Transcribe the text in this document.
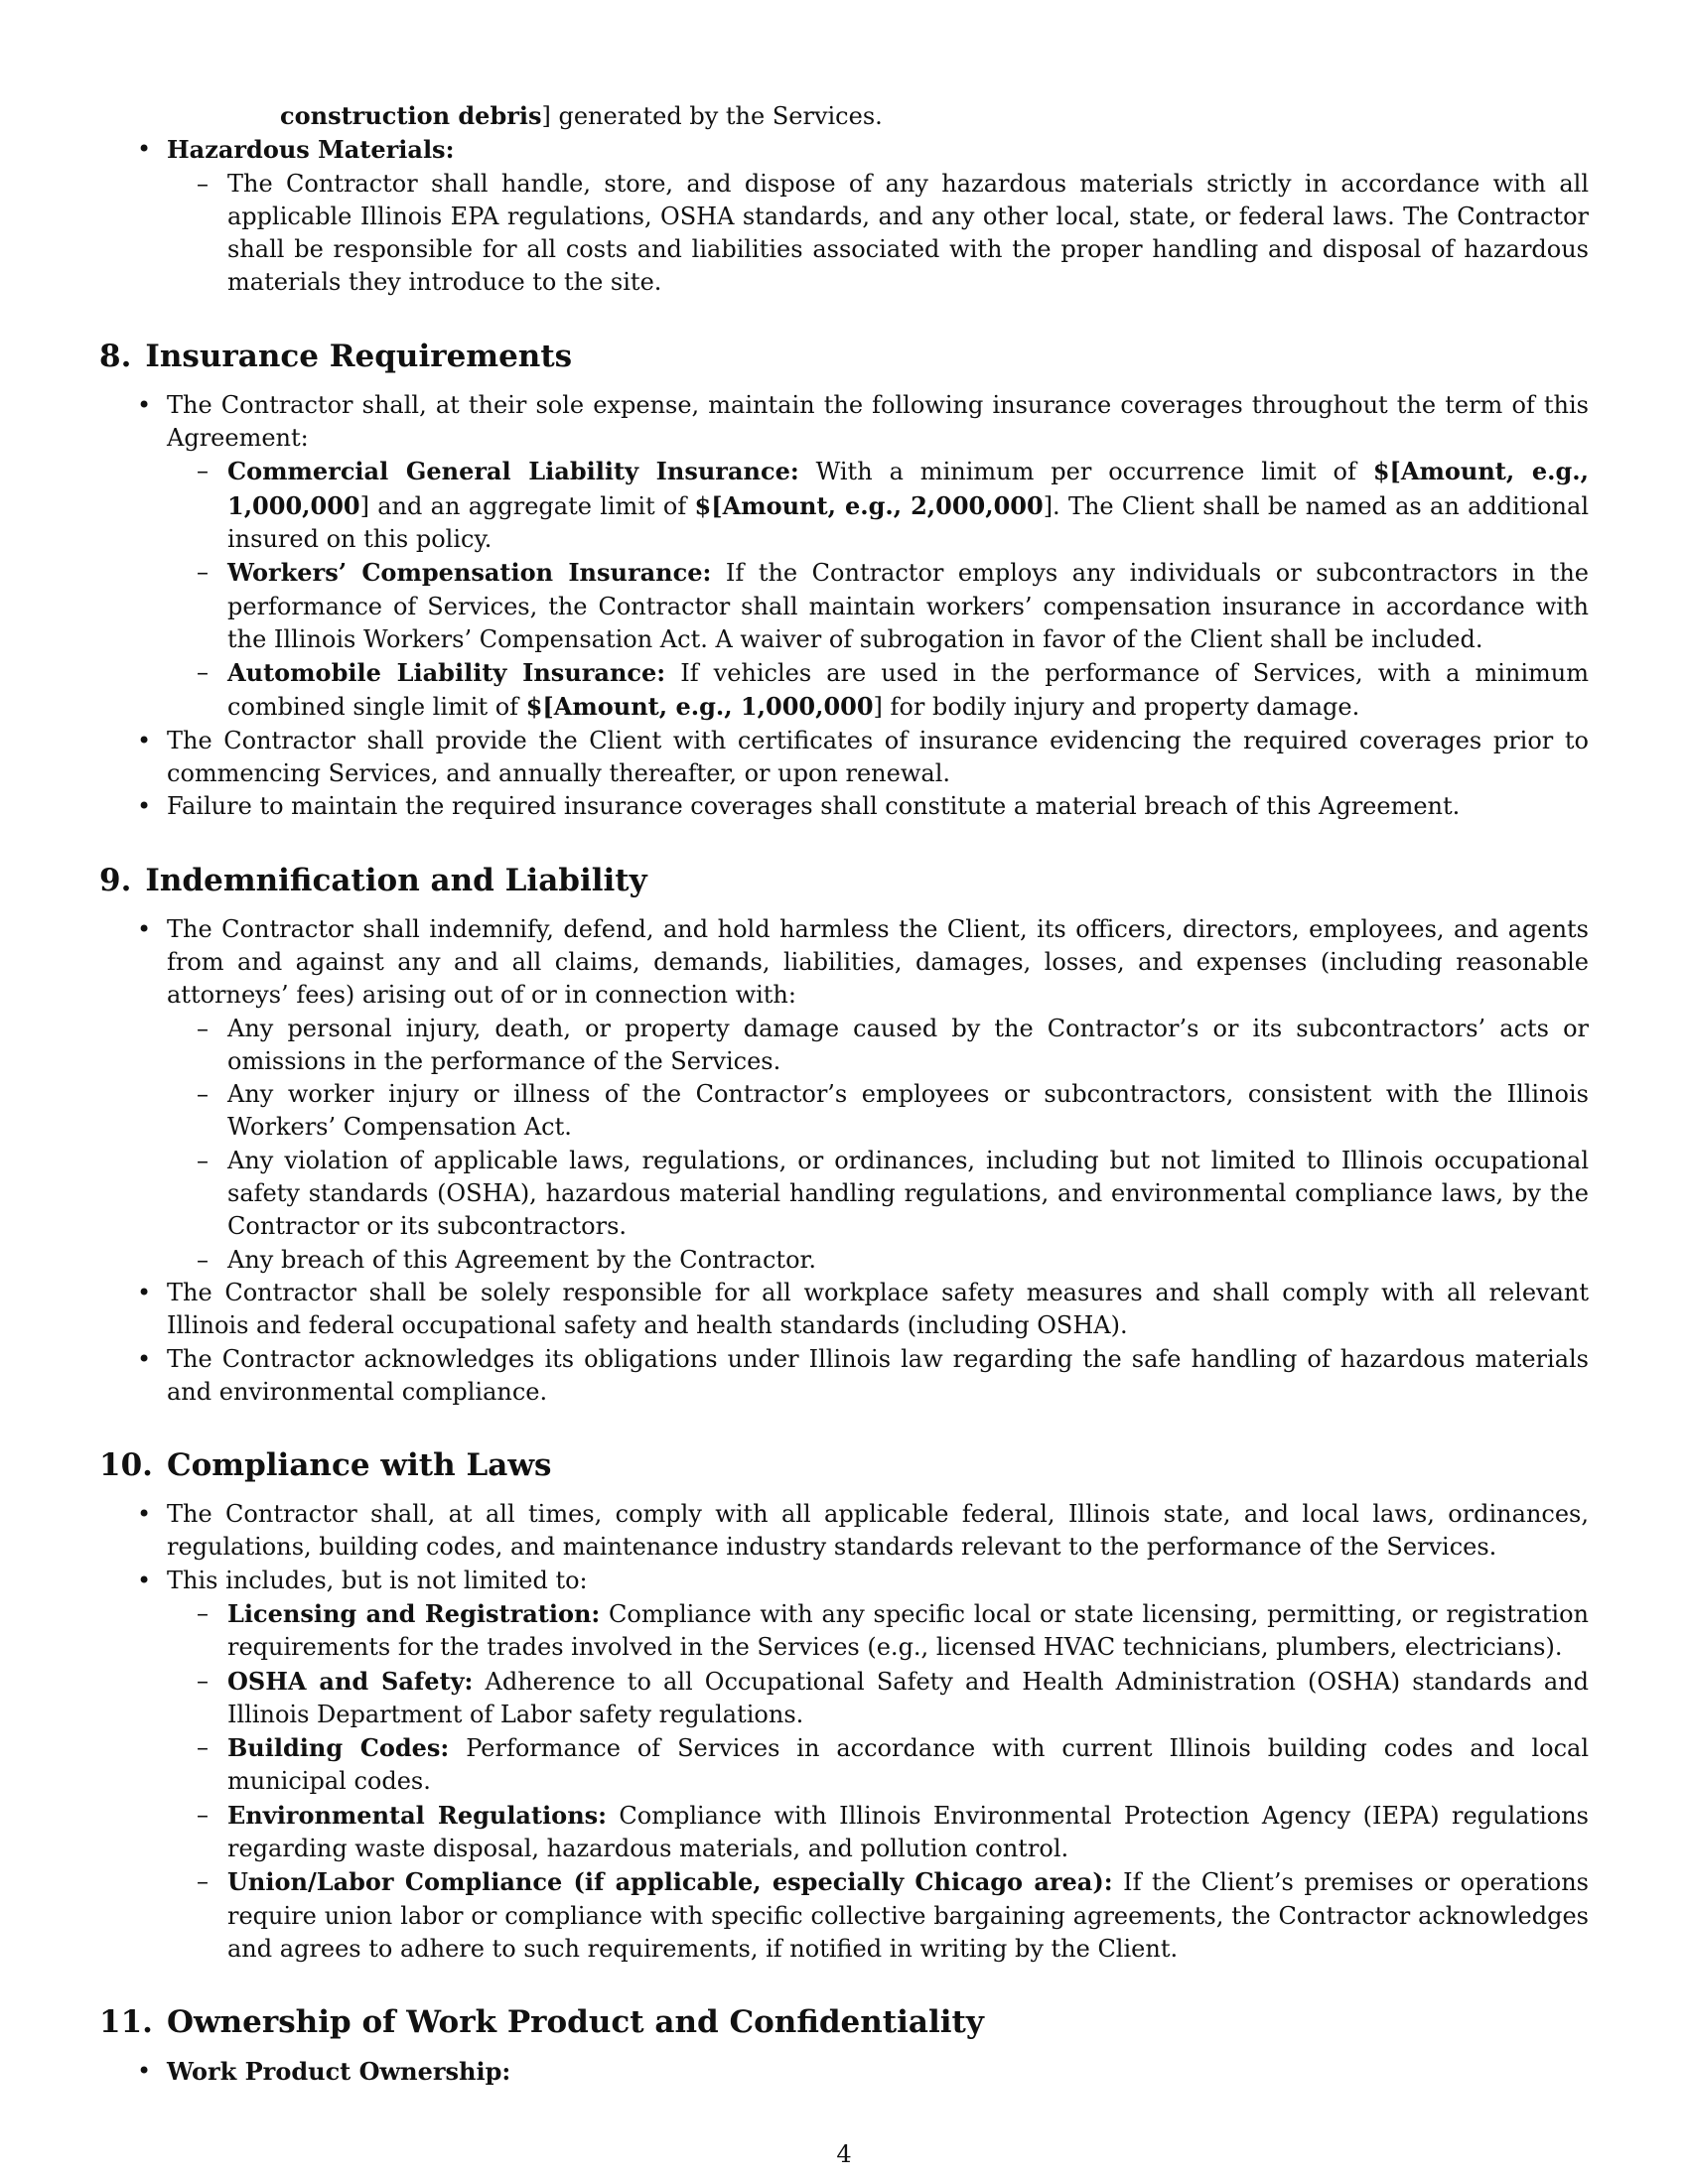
construction debris] generated by the Services.

• Hazardous Materials:
– The Contractor shall handle, store, and dispose of any hazardous materials strictly in accordance with all applicable Illinois EPA regulations, OSHA standards, and any other local, state, or federal laws. The Contractor shall be responsible for all costs and liabilities associated with the proper handling and disposal of hazardous materials they introduce to the site.
8. Insurance Requirements
• The Contractor shall, at their sole expense, maintain the following insurance coverages throughout the term of this Agreement:
– Commercial General Liability Insurance: With a minimum per occurrence limit of $[Amount, e.g., 1,000,000] and an aggregate limit of $[Amount, e.g., 2,000,000]. The Client shall be named as an additional insured on this policy.
– Workers’ Compensation Insurance: If the Contractor employs any individuals or subcontractors in the performance of Services, the Contractor shall maintain workers’ compensation insurance in accordance with the Illinois Workers’ Compensation Act. A waiver of subrogation in favor of the Client shall be included.
– Automobile Liability Insurance: If vehicles are used in the performance of Services, with a minimum combined single limit of $[Amount, e.g., 1,000,000] for bodily injury and property damage.
• The Contractor shall provide the Client with certificates of insurance evidencing the required coverages prior to commencing Services, and annually thereafter, or upon renewal.
• Failure to maintain the required insurance coverages shall constitute a material breach of this Agreement.
9. Indemnification and Liability
• The Contractor shall indemnify, defend, and hold harmless the Client, its officers, directors, employees, and agents from and against any and all claims, demands, liabilities, damages, losses, and expenses (including reasonable attorneys’ fees) arising out of or in connection with:
– Any personal injury, death, or property damage caused by the Contractor’s or its subcontractors’ acts or omissions in the performance of the Services.
– Any worker injury or illness of the Contractor’s employees or subcontractors, consistent with the Illinois Workers’ Compensation Act.
– Any violation of applicable laws, regulations, or ordinances, including but not limited to Illinois occupational safety standards (OSHA), hazardous material handling regulations, and environmental compliance laws, by the Contractor or its subcontractors.
– Any breach of this Agreement by the Contractor.
• The Contractor shall be solely responsible for all workplace safety measures and shall comply with all relevant Illinois and federal occupational safety and health standards (including OSHA).
• The Contractor acknowledges its obligations under Illinois law regarding the safe handling of hazardous materials and environmental compliance.
10. Compliance with Laws
• The Contractor shall, at all times, comply with all applicable federal, Illinois state, and local laws, ordinances, regulations, building codes, and maintenance industry standards relevant to the performance of the Services.
• This includes, but is not limited to:
– Licensing and Registration: Compliance with any specific local or state licensing, permitting, or registration requirements for the trades involved in the Services (e.g., licensed HVAC technicians, plumbers, electricians).
– OSHA and Safety: Adherence to all Occupational Safety and Health Administration (OSHA) standards and Illinois Department of Labor safety regulations.
– Building Codes: Performance of Services in accordance with current Illinois building codes and local municipal codes.
– Environmental Regulations: Compliance with Illinois Environmental Protection Agency (IEPA) regulations regarding waste disposal, hazardous materials, and pollution control.
– Union/Labor Compliance (if applicable, especially Chicago area): If the Client’s premises or operations require union labor or compliance with specific collective bargaining agreements, the Contractor acknowledges and agrees to adhere to such requirements, if notified in writing by the Client.
11. Ownership of Work Product and Confidentiality
• Work Product Ownership:
4
